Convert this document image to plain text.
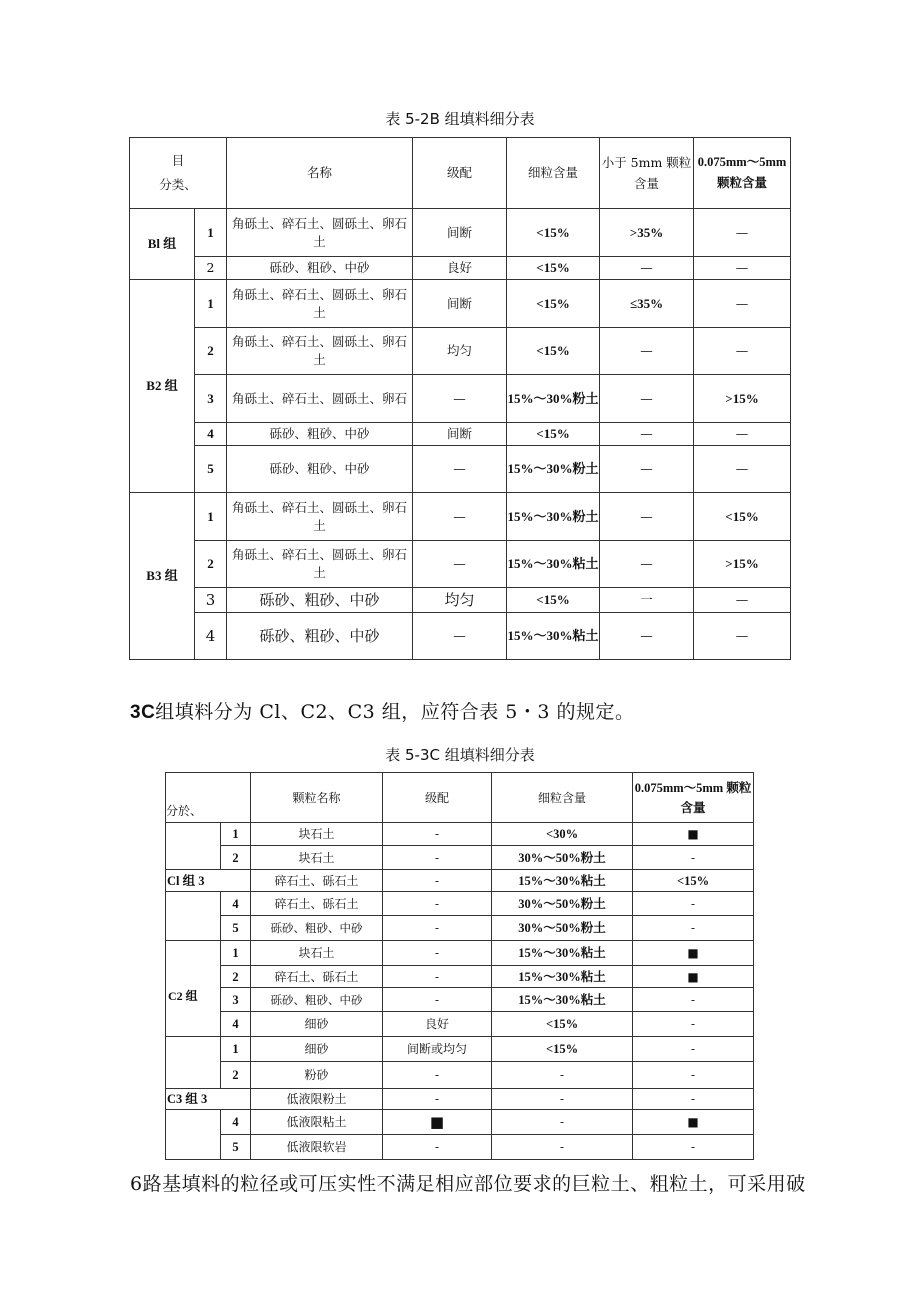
表 5-2B 组填料细分表
目
分类、		名称	级配	细粒含量	小于 5mm 颗粒含量	0.075mm～5mm 颗粒含量
Bl 组	1	角砾土、碎石土、圆砾土、卵石土	间断	<15%	>35%	—
	2	砾砂、粗砂、中砂	良好	<15%	—	—
B2 组	1	角砾土、碎石土、圆砾土、卵石土	间断	<15%	≤35%	—
	2	角砾土、碎石土、圆砾土、卵石土	均匀	<15%	—	—
	3	角砾土、碎石土、圆砾土、卵石	—	15%～30%粉土	—	>15%
	4	砾砂、粗砂、中砂	间断	<15%	—	—
	5	砾砂、粗砂、中砂	—	15%～30%粉土	—	—
B3 组	1	角砾土、碎石土、圆砾土、卵石土	—	15%～30%粉土	—	<15%
	2	角砾土、碎石土、圆砾土、卵石土	—	15%～30%粘土	—	>15%
	3	砾砂、粗砂、中砂	均匀	<15%	一	—
	4	砾砂、粗砂、中砂	—	15%～30%粘土	—	—
3C组填料分为 Cl、C2、C3 组，应符合表 5・3 的规定。
表 5-3C 组填料细分表
分於、		颗粒名称	级配	细粒含量	0.075mm～5mm 颗粒含量
	1	块石土	-	<30%	■
	2	块石土	-	30%～50%粉土	-
Cl 组 3		碎石土、砾石土	-	15%～30%粘土	<15%
	4	碎石土、砾石土	-	30%～50%粉土	-
	5	砾砂、粗砂、中砂	-	30%～50%粉土	-
	1	块石土	-	15%～30%粘土	■

C2 组	2	碎石土、砾石土	-	15%～30%粘土	■
	3	砾砂、粗砂、中砂	-	15%～30%粘土	-
	4	细砂	良好	<15%	-
	1	细砂	间断或均匀	<15%	-
	2	粉砂	-	-	-
C3 组 3		低液限粉土	-	-	-
	4	低液限粘土	■	-	■
	5	低液限软岩	-	-	-
6路基填料的粒径或可压实性不满足相应部位要求的巨粒土、粗粒土，可采用破
